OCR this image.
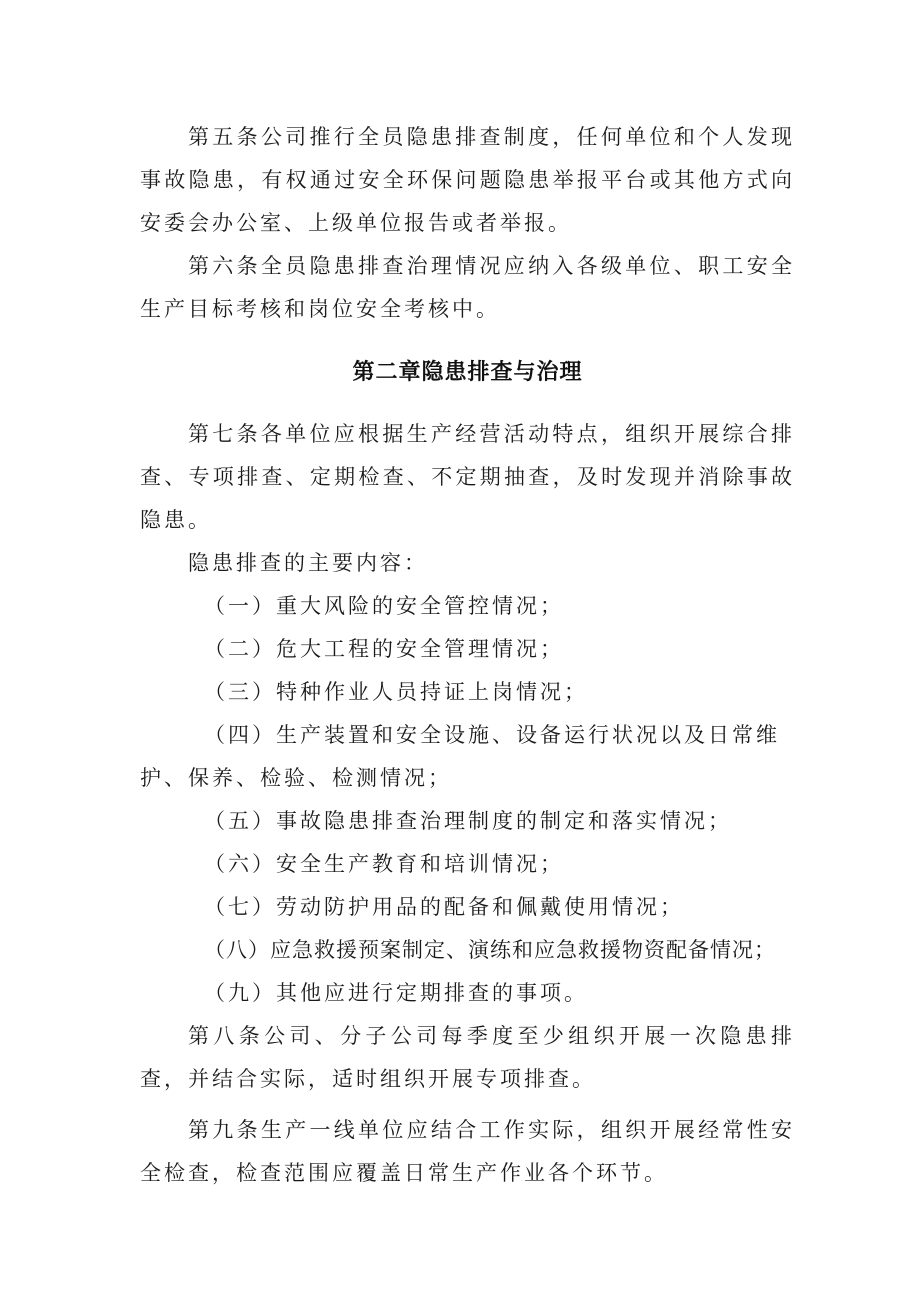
第五条公司推行全员隐患排查制度，任何单位和个人发现事故隐患，有权通过安全环保问题隐患举报平台或其他方式向安委会办公室、上级单位报告或者举报。

第六条全员隐患排查治理情况应纳入各级单位、职工安全生产目标考核和岗位安全考核中。

第二章隐患排查与治理

第七条各单位应根据生产经营活动特点，组织开展综合排查、专项排查、定期检查、不定期抽查，及时发现并消除事故隐患。

隐患排查的主要内容：

（一）重大风险的安全管控情况；

（二）危大工程的安全管理情况；

（三）特种作业人员持证上岗情况；

（四）生产装置和安全设施、设备运行状况以及日常维护、保养、检验、检测情况；

（五）事故隐患排查治理制度的制定和落实情况；

（六）安全生产教育和培训情况；

（七）劳动防护用品的配备和佩戴使用情况；

（八）应急救援预案制定、演练和应急救援物资配备情况；

（九）其他应进行定期排查的事项。

第八条公司、分子公司每季度至少组织开展一次隐患排查，并结合实际，适时组织开展专项排查。

第九条生产一线单位应结合工作实际，组织开展经常性安全检查，检查范围应覆盖日常生产作业各个环节。
